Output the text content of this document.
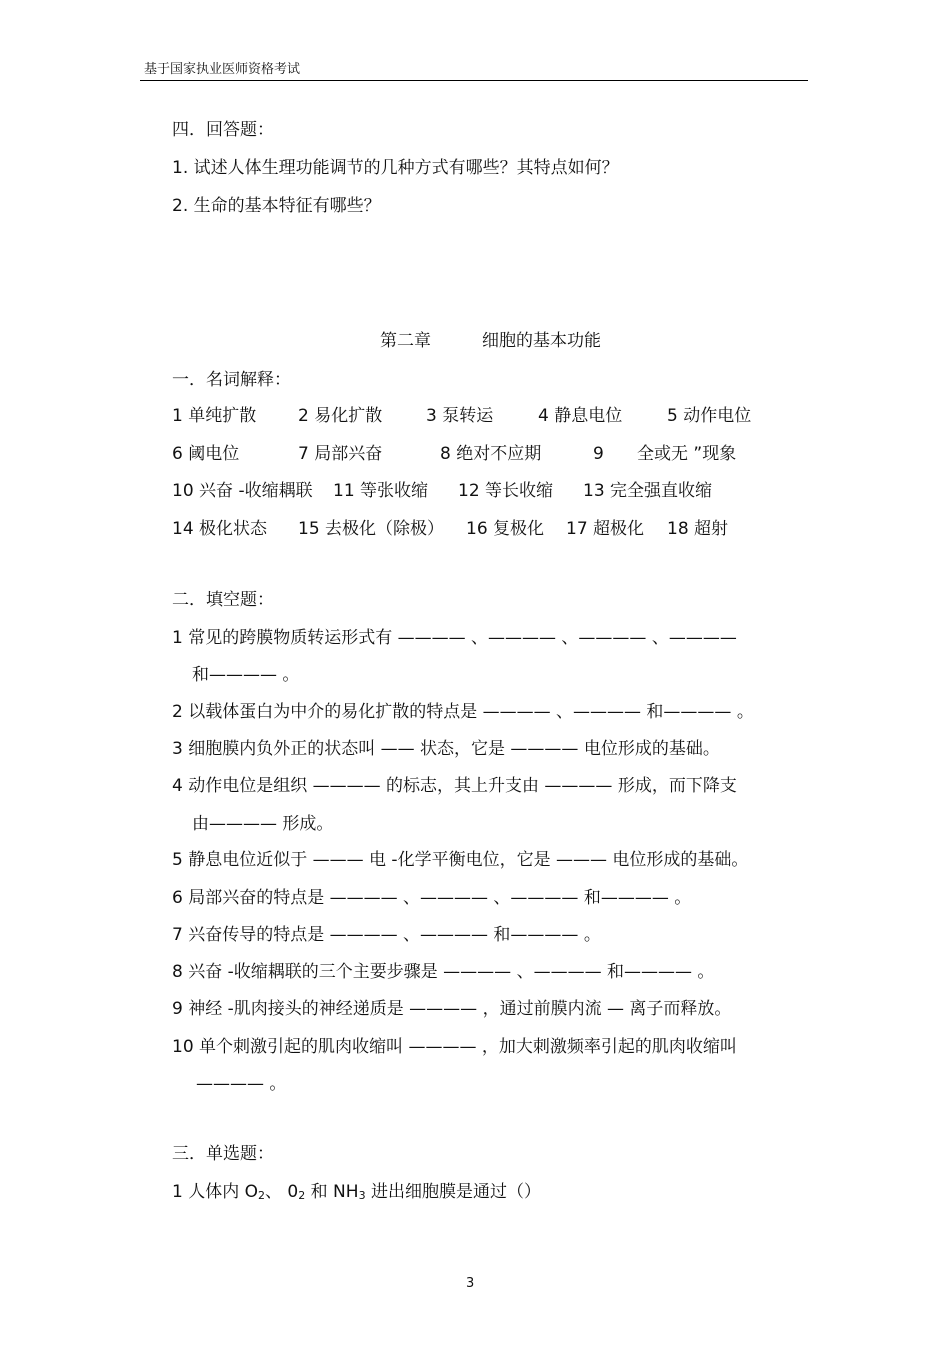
基于国家执业医师资格考试
四．回答题：
1. 试述人体生理功能调节的几种方式有哪些？其特点如何？
2. 生命的基本特征有哪些？
第二章	细胞的基本功能
一．名词解释：
1 单纯扩散 2 易化扩散	3 泵转运	4 静息电位	5 动作电位
6 阈电位	7 局部兴奋	8 绝对不应期	9 全或无 ”现象
10 兴奋 -收缩耦联 11 等张收缩 12 等长收缩 13 完全强直收缩
14 极化状态 15 去极化（除极） 16 复极化 17 超极化 18 超射
二．填空题：
1 常见的跨膜物质转运形式有 ———— 、———— 、———— 、————
和———— 。
2 以载体蛋白为中介的易化扩散的特点是 ———— 、———— 和———— 。
3 细胞膜内负外正的状态叫 —— 状态，它是 ———— 电位形成的基础。
4 动作电位是组织 ———— 的标志，其上升支由 ———— 形成，而下降支
由———— 形成。
5 静息电位近似于 ——— 电 -化学平衡电位，它是 ——— 电位形成的基础。
6 局部兴奋的特点是 ———— 、———— 、———— 和———— 。
7 兴奋传导的特点是 ———— 、———— 和———— 。
8 兴奋 -收缩耦联的三个主要步骤是 ———— 、———— 和———— 。
9 神经 -肌肉接头的神经递质是 ———— ，通过前膜内流 — 离子而释放。
10 单个刺激引起的肌肉收缩叫 ———— ，加大刺激频率引起的肌肉收缩叫
———— 。
三．单选题：
1 人体内 $O_2$、 $0_2$ 和 $NH_3$ 进出细胞膜是通过（）
3
